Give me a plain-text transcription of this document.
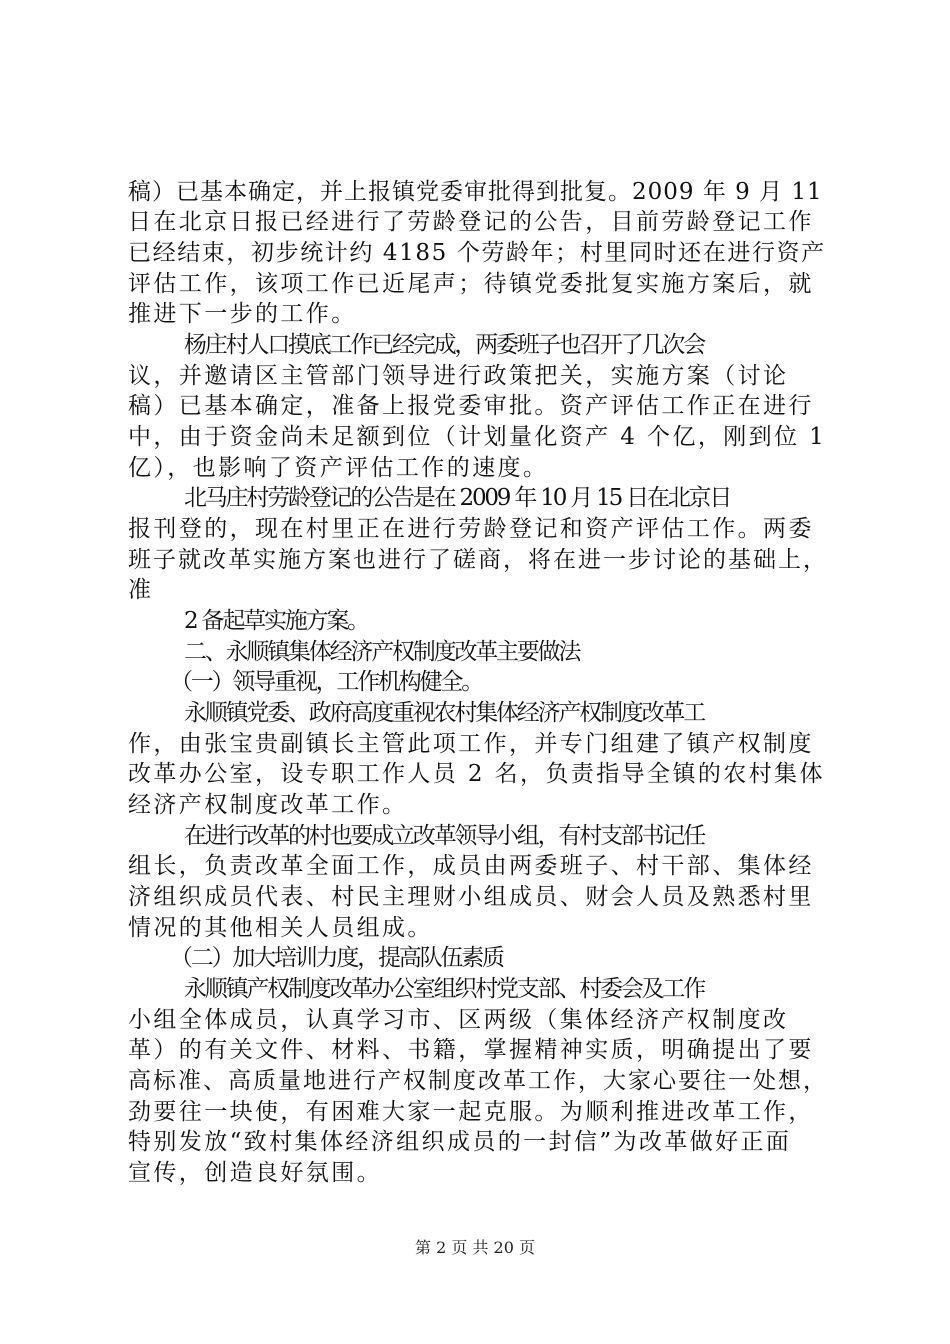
稿）已基本确定，并上报镇党委审批得到批复。2009 年 9 月 11
日在北京日报已经进行了劳龄登记的公告，目前劳龄登记工作
已经结束，初步统计约 4185 个劳龄年；村里同时还在进行资产
评估工作，该项工作已近尾声；待镇党委批复实施方案后，就
推进下一步的工作。
杨庄村人口摸底工作已经完成，两委班子也召开了几次会
议，并邀请区主管部门领导进行政策把关，实施方案（讨论
稿）已基本确定，准备上报党委审批。资产评估工作正在进行
中，由于资金尚未足额到位（计划量化资产 4 个亿，刚到位 1
亿），也影响了资产评估工作的速度。
北马庄村劳龄登记的公告是在 2009 年 10 月 15 日在北京日
报刊登的，现在村里正在进行劳龄登记和资产评估工作。两委
班子就改革实施方案也进行了磋商，将在进一步讨论的基础上，
准
2 备起草实施方案。
二、永顺镇集体经济产权制度改革主要做法
（一）领导重视，工作机构健全。
永顺镇党委、政府高度重视农村集体经济产权制度改革工
作，由张宝贵副镇长主管此项工作，并专门组建了镇产权制度
改革办公室，设专职工作人员 2 名，负责指导全镇的农村集体
经济产权制度改革工作。
在进行改革的村也要成立改革领导小组，有村支部书记任
组长，负责改革全面工作，成员由两委班子、村干部、集体经
济组织成员代表、村民主理财小组成员、财会人员及熟悉村里
情况的其他相关人员组成。
（二）加大培训力度，提高队伍素质
永顺镇产权制度改革办公室组织村党支部、村委会及工作
小组全体成员，认真学习市、区两级（集体经济产权制度改
革）的有关文件、材料、书籍，掌握精神实质，明确提出了要
高标准、高质量地进行产权制度改革工作，大家心要往一处想，
劲要往一块使，有困难大家一起克服。为顺利推进改革工作，
特别发放“致村集体经济组织成员的一封信”为改革做好正面
宣传，创造良好氛围。
第 2 页 共 20 页
